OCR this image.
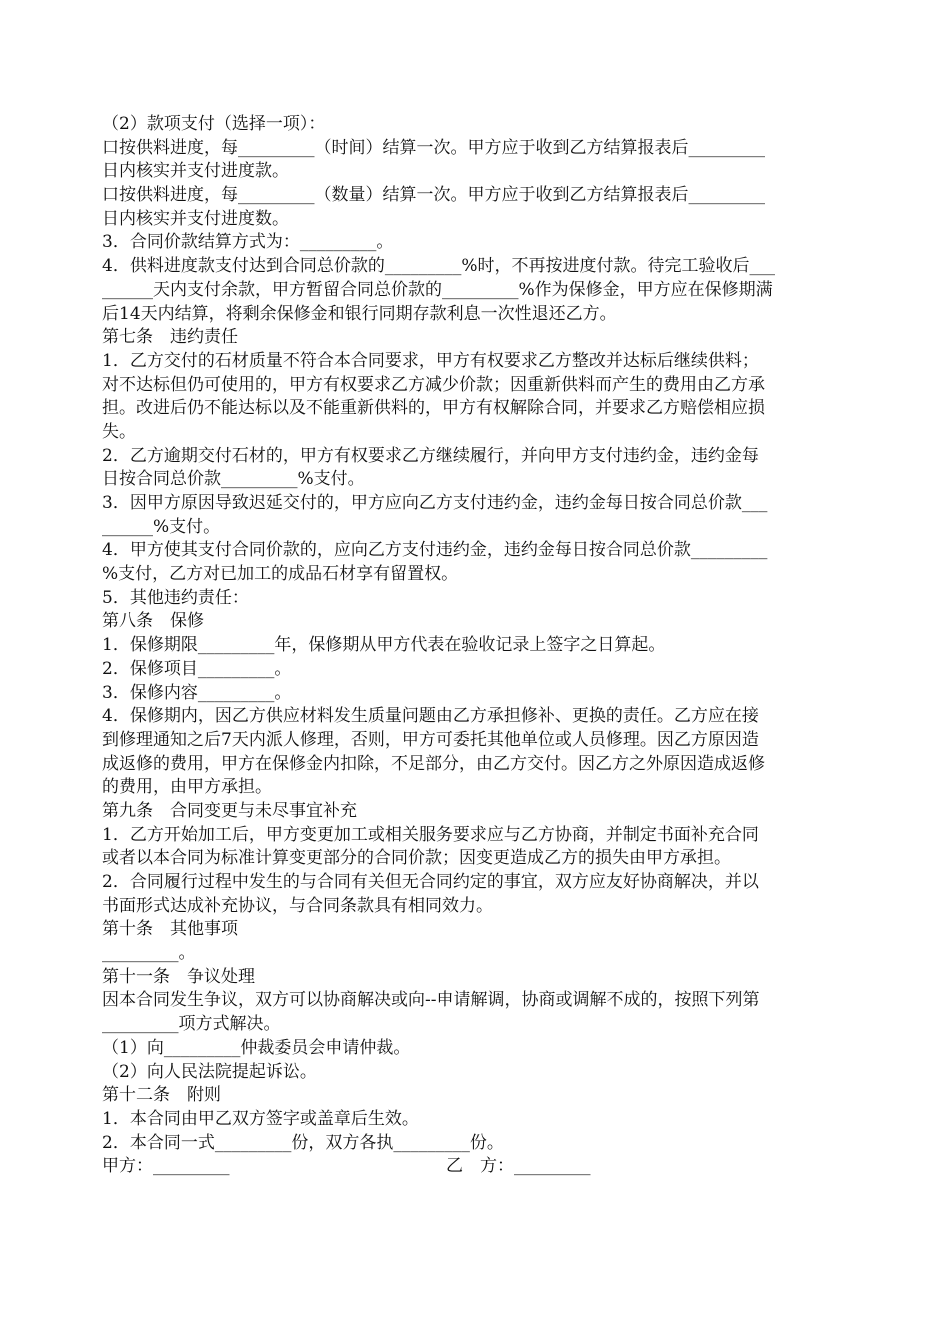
（2）款项支付（选择一项）：
口按供料进度，每_________（时间）结算一次。甲方应于收到乙方结算报表后_________
日内核实并支付进度款。
口按供料进度，每_________（数量）结算一次。甲方应于收到乙方结算报表后_________
日内核实并支付进度数。
3．合同价款结算方式为：_________。
4．供料进度款支付达到合同总价款的_________%时，不再按进度付款。待完工验收后___
______天内支付余款，甲方暂留合同总价款的_________%作为保修金，甲方应在保修期满
后14天内结算，将剩余保修金和银行同期存款利息一次性退还乙方。
第七条　违约责任
1．乙方交付的石材质量不符合本合同要求，甲方有权要求乙方整改并达标后继续供料；
对不达标但仍可使用的，甲方有权要求乙方减少价款；因重新供料而产生的费用由乙方承
担。改进后仍不能达标以及不能重新供料的，甲方有权解除合同，并要求乙方赔偿相应损
失。
2．乙方逾期交付石材的，甲方有权要求乙方继续履行，并向甲方支付违约金，违约金每
日按合同总价款_________%支付。
3．因甲方原因导致迟延交付的，甲方应向乙方支付违约金，违约金每日按合同总价款___
______%支付。
4．甲方使其支付合同价款的，应向乙方支付违约金，违约金每日按合同总价款_________
%支付，乙方对已加工的成品石材享有留置权。
5．其他违约责任：
第八条　保修
1．保修期限_________年，保修期从甲方代表在验收记录上签字之日算起。
2．保修项目_________。
3．保修内容_________。
4．保修期内，因乙方供应材料发生质量问题由乙方承担修补、更换的责任。乙方应在接
到修理通知之后7天内派人修理，否则，甲方可委托其他单位或人员修理。因乙方原因造
成返修的费用，甲方在保修金内扣除，不足部分，由乙方交付。因乙方之外原因造成返修
的费用，由甲方承担。
第九条　合同变更与未尽事宜补充
1．乙方开始加工后，甲方变更加工或相关服务要求应与乙方协商，并制定书面补充合同
或者以本合同为标准计算变更部分的合同价款；因变更造成乙方的损失由甲方承担。
2．合同履行过程中发生的与合同有关但无合同约定的事宜，双方应友好协商解决，并以
书面形式达成补充协议，与合同条款具有相同效力。
第十条　其他事项
_________。
第十一条　争议处理
因本合同发生争议，双方可以协商解决或向--申请解调，协商或调解不成的，按照下列第
_________项方式解决。
（1）向_________仲裁委员会申请仲裁。
（2）向人民法院提起诉讼。
第十二条　附则
1．本合同由甲乙双方签字或盖章后生效。
2．本合同一式_________份，双方各执_________份。

甲方：_________

	乙　方：_________
